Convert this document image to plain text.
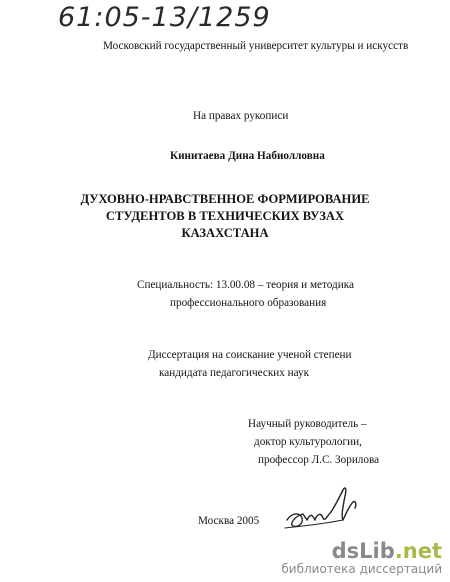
61:05-13/1259
Московский государственный университет культуры и искусств
На правах рукописи
Кинитаева Дина Набиолловна
ДУХОВНО-НРАВСТВЕННОЕ ФОРМИРОВАНИЕ
СТУДЕНТОВ В ТЕХНИЧЕСКИХ ВУЗАХ
КАЗАХСТАНА
Специальность: 13.00.08 – теория и методика
профессионального образования
Диссертация на соискание ученой степени
кандидата педагогических наук
Научный руководитель –
доктор культурологии,
профессор Л.С. Зорилова
Москва 2005
dsLib.net
библиотека диссертаций
